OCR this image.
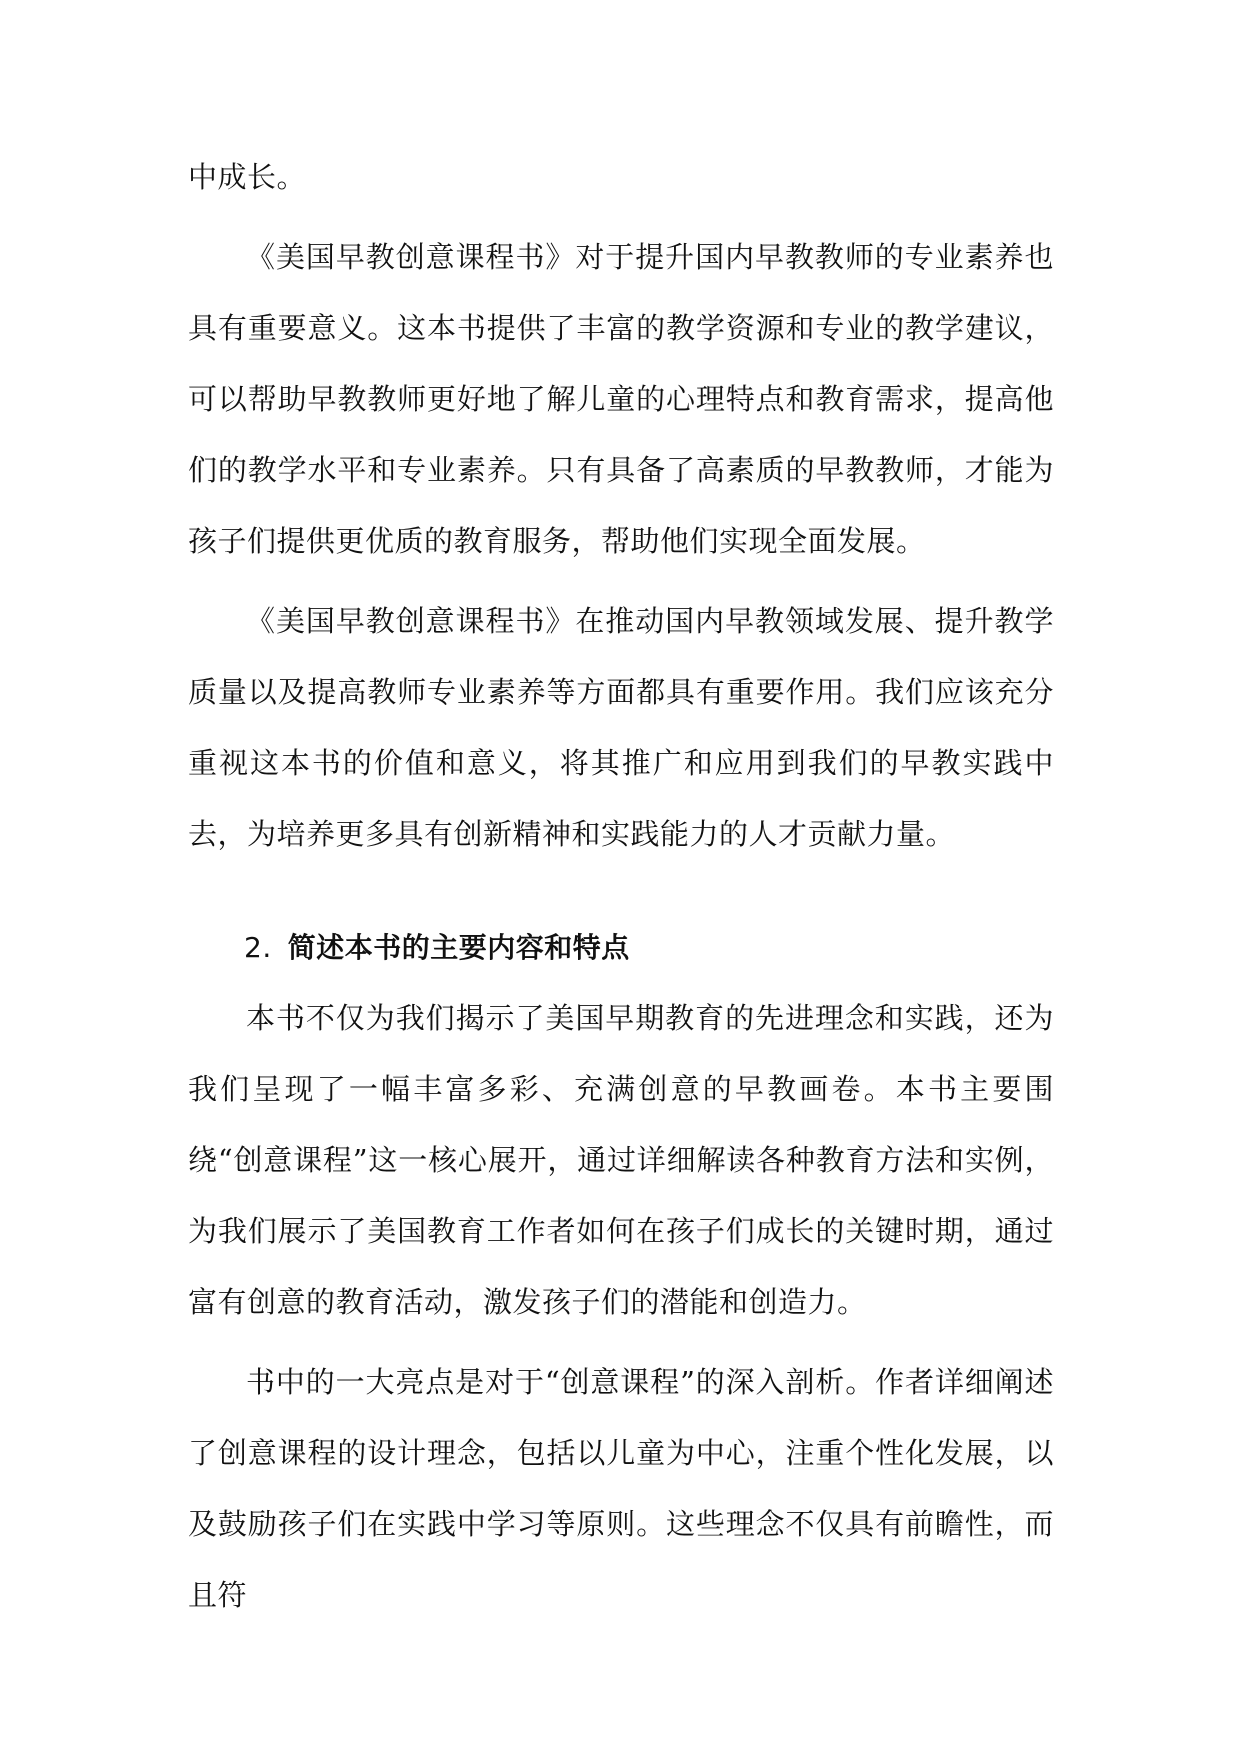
中成长。

《美国早教创意课程书》对于提升国内早教教师的专业素养也具有重要意义。这本书提供了丰富的教学资源和专业的教学建议，可以帮助早教教师更好地了解儿童的心理特点和教育需求，提高他们的教学水平和专业素养。只有具备了高素质的早教教师，才能为孩子们提供更优质的教育服务，帮助他们实现全面发展。

《美国早教创意课程书》在推动国内早教领域发展、提升教学质量以及提高教师专业素养等方面都具有重要作用。我们应该充分重视这本书的价值和意义，将其推广和应用到我们的早教实践中去，为培养更多具有创新精神和实践能力的人才贡献力量。

2. 简述本书的主要内容和特点

本书不仅为我们揭示了美国早期教育的先进理念和实践，还为我们呈现了一幅丰富多彩、充满创意的早教画卷。本书主要围绕“创意课程”这一核心展开，通过详细解读各种教育方法和实例，为我们展示了美国教育工作者如何在孩子们成长的关键时期，通过富有创意的教育活动，激发孩子们的潜能和创造力。

书中的一大亮点是对于“创意课程”的深入剖析。作者详细阐述了创意课程的设计理念，包括以儿童为中心，注重个性化发展，以及鼓励孩子们在实践中学习等原则。这些理念不仅具有前瞻性，而且符
